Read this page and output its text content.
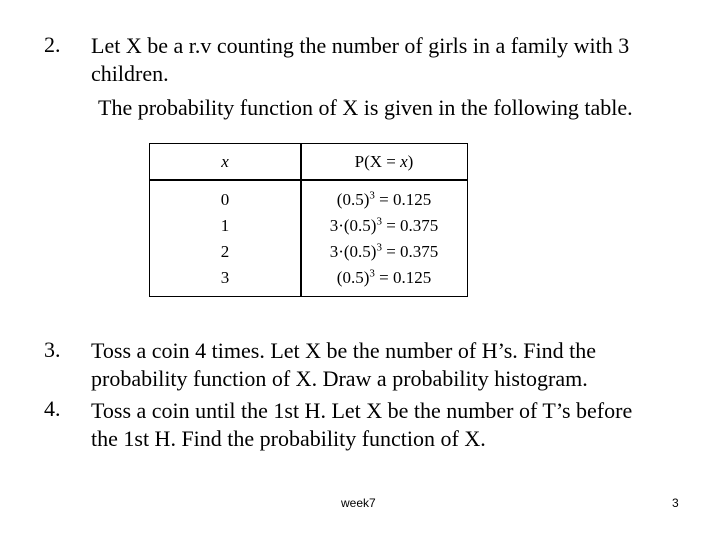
2. Let X be a r.v counting the number of girls in a family with 3
children.
The probability function of X is given in the following table.
x	P(X = x)
0
1
2
3
$(0.5)^3 = 0.125$
$3\cdot(0.5)^3 = 0.375$
$3\cdot(0.5)^3 = 0.375$
$(0.5)^3 = 0.125$
3. Toss a coin 4 times. Let X be the number of H’s. Find the
probability function of X. Draw a probability histogram.
4. Toss a coin until the 1st H. Let X be the number of T’s before
the 1st H. Find the probability function of X.
week7	3
